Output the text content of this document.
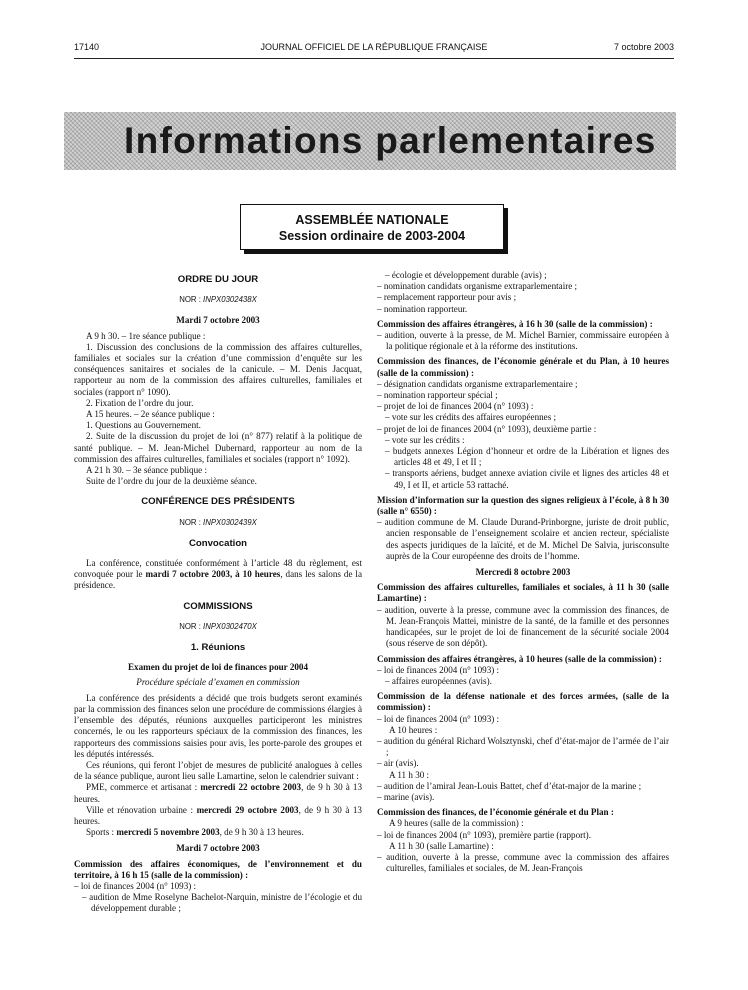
17140	JOURNAL OFFICIEL DE LA RÉPUBLIQUE FRANÇAISE	7 octobre 2003
Informations parlementaires
ASSEMBLÉE NATIONALE
Session ordinaire de 2003-2004

ORDRE DU JOUR

NOR : INPX0302438X

Mardi 7 octobre 2003

A 9 h 30. – 1re séance publique :

1. Discussion des conclusions de la commission des affaires culturelles, familiales et sociales sur la création d’une commission d’enquête sur les conséquences sanitaires et sociales de la canicule. – M. Denis Jacquat, rapporteur au nom de la commission des affaires culturelles, familiales et sociales (rapport n° 1090).

2. Fixation de l’ordre du jour.

A 15 heures. – 2e séance publique :

1. Questions au Gouvernement.

2. Suite de la discussion du projet de loi (n° 877) relatif à la politique de santé publique. – M. Jean-Michel Dubernard, rapporteur au nom de la commission des affaires culturelles, familiales et sociales (rapport n° 1092).

A 21 h 30. – 3e séance publique :

Suite de l’ordre du jour de la deuxième séance.

CONFÉRENCE DES PRÉSIDENTS

NOR : INPX0302439X

Convocation

La conférence, constituée conformément à l’article 48 du règlement, est convoquée pour le mardi 7 octobre 2003, à 10 heures, dans les salons de la présidence.

COMMISSIONS

NOR : INPX0302470X

1. Réunions

Examen du projet de loi de finances pour 2004

Procédure spéciale d’examen en commission

La conférence des présidents a décidé que trois budgets seront examinés par la commission des finances selon une procédure de commissions élargies à l’ensemble des députés, réunions auxquelles participeront les ministres concernés, le ou les rapporteurs spéciaux de la commission des finances, les rapporteurs des commissions saisies pour avis, les porte-parole des groupes et les députés intéressés.

Ces réunions, qui feront l’objet de mesures de publicité analogues à celles de la séance publique, auront lieu salle Lamartine, selon le calendrier suivant :

PME, commerce et artisanat : mercredi 22 octobre 2003, de 9 h 30 à 13 heures.

Ville et rénovation urbaine : mercredi 29 octobre 2003, de 9 h 30 à 13 heures.

Sports : mercredi 5 novembre 2003, de 9 h 30 à 13 heures.

Mardi 7 octobre 2003

Commission des affaires économiques, de l’environnement et du territoire, à 16 h 15 (salle de la commission) :

– loi de finances 2004 (n° 1093) :

– audition de Mme Roselyne Bachelot-Narquin, ministre de l’écologie et du développement durable ;

– écologie et développement durable (avis) ;

– nomination candidats organisme extraparlementaire ;

– remplacement rapporteur pour avis ;

– nomination rapporteur.

Commission des affaires étrangères, à 16 h 30 (salle de la commission) :

– audition, ouverte à la presse, de M. Michel Barnier, commissaire européen à la politique régionale et à la réforme des institutions.

Commission des finances, de l’économie générale et du Plan, à 10 heures (salle de la commission) :

– désignation candidats organisme extraparlementaire ;

– nomination rapporteur spécial ;

– projet de loi de finances 2004 (n° 1093) :

– vote sur les crédits des affaires européennes ;

– projet de loi de finances 2004 (n° 1093), deuxième partie :

– vote sur les crédits :

– budgets annexes Légion d’honneur et ordre de la Libération et lignes des articles 48 et 49, I et II ;

– transports aériens, budget annexe aviation civile et lignes des articles 48 et 49, I et II, et article 53 rattaché.

Mission d’information sur la question des signes religieux à l’école, à 8 h 30 (salle n° 6550) :

– audition commune de M. Claude Durand-Prinborgne, juriste de droit public, ancien responsable de l’enseignement scolaire et ancien recteur, spécialiste des aspects juridiques de la laïcité, et de M. Michel De Salvia, jurisconsulte auprès de la Cour européenne des droits de l’homme.

Mercredi 8 octobre 2003

Commission des affaires culturelles, familiales et sociales, à 11 h 30 (salle Lamartine) :

– audition, ouverte à la presse, commune avec la commission des finances, de M. Jean-François Mattei, ministre de la santé, de la famille et des personnes handicapées, sur le projet de loi de financement de la sécurité sociale 2004 (sous réserve de son dépôt).

Commission des affaires étrangères, à 10 heures (salle de la commission) :

– loi de finances 2004 (n° 1093) :

– affaires européennes (avis).

Commission de la défense nationale et des forces armées, (salle de la commission) :

– loi de finances 2004 (n° 1093) :

A 10 heures :

– audition du général Richard Wolsztynski, chef d’état-major de l’armée de l’air ;

– air (avis).

A 11 h 30 :

– audition de l’amiral Jean-Louis Battet, chef d’état-major de la marine ;

– marine (avis).

Commission des finances, de l’économie générale et du Plan :

A 9 heures (salle de la commission) :

– loi de finances 2004 (n° 1093), première partie (rapport).

A 11 h 30 (salle Lamartine) :

– audition, ouverte à la presse, commune avec la commission des affaires culturelles, familiales et sociales, de M. Jean-François
